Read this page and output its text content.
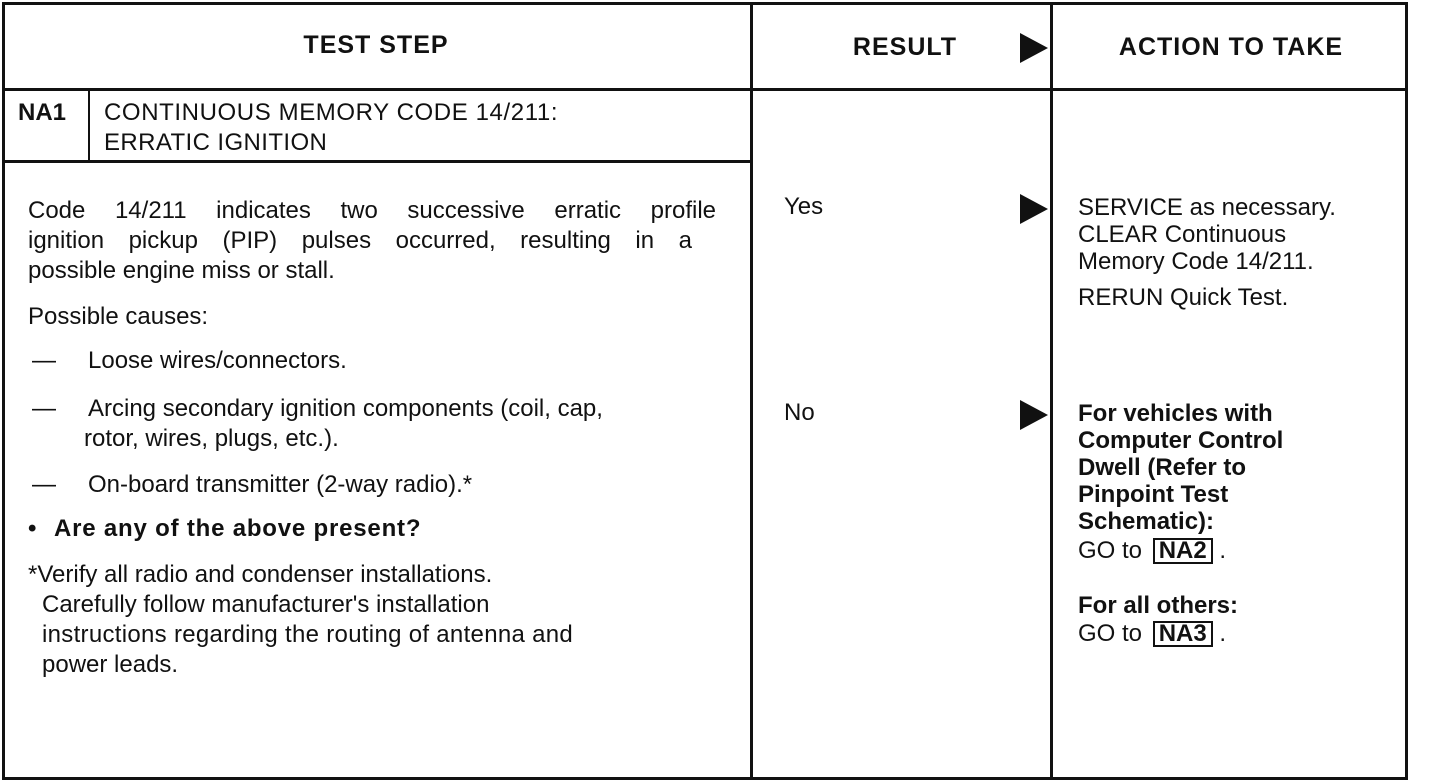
TEST STEP	RESULT	ACTION TO TAKE
NA1 CONTINUOUS MEMORY CODE 14/211:
ERRATIC IGNITION
Code 14/211 indicates two successive erratic profile
ignition pickup (PIP) pulses occurred, resulting in a
possible engine miss or stall.
Possible causes:
— Loose wires/connectors.
— Arcing secondary ignition components (coil, cap,
rotor, wires, plugs, etc.).
— On-board transmitter (2-way radio).*
• Are any of the above present?
*Verify all radio and condenser installations.
Carefully follow manufacturer's installation
instructions regarding the routing of antenna and
power leads.
Yes
No
SERVICE as necessary.
CLEAR Continuous
Memory Code 14/211.
RERUN Quick Test.
For vehicles with
Computer Control
Dwell (Refer to
Pinpoint Test
Schematic):
GO to NA2 .
For all others:
GO to NA3 .
